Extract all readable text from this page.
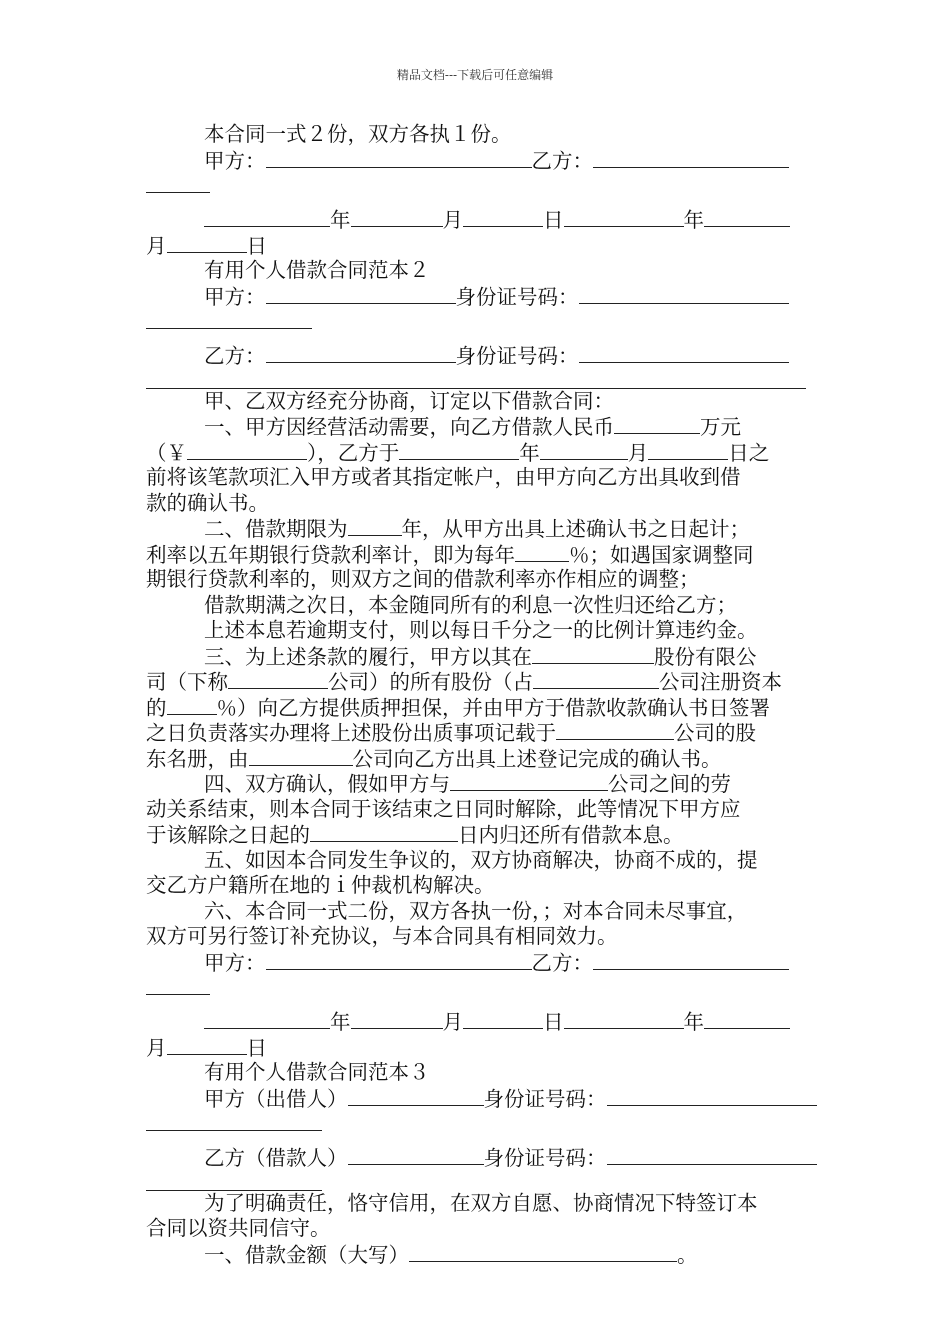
精品文档---下载后可任意编辑
本合同一式２份，双方各执１份。
甲方：	乙方：
年	月	日	年
月	日
有用个人借款合同范本２
甲方：	身份证号码：
乙方：	身份证号码：
甲、乙双方经充分协商，订定以下借款合同：
一、甲方因经营活动需要，向乙方借款人民币	万元
（￥	），乙方于	年	月	日之
前将该笔款项汇入甲方或者其指定帐户，由甲方向乙方出具收到借
款的确认书。
二、借款期限为	年，从甲方出具上述确认书之日起计；
利率以五年期银行贷款利率计，即为每年	％；如遇国家调整同
期银行贷款利率的，则双方之间的借款利率亦作相应的调整；
借款期满之次日，本金随同所有的利息一次性归还给乙方；
上述本息若逾期支付，则以每日千分之一的比例计算违约金。
三、为上述条款的履行，甲方以其在	股份有限公
司（下称	公司）的所有股份（占	公司注册资本
的 ％）向乙方提供质押担保，并由甲方于借款收款确认书日签署
之日负责落实办理将上述股份出质事项记载于	公司的股
东名册，由	公司向乙方出具上述登记完成的确认书。
四、双方确认，假如甲方与	公司之间的劳
动关系结束，则本合同于该结束之日同时解除，此等情况下甲方应
于该解除之日起的	日内归还所有借款本息。
五、如因本合同发生争议的，双方协商解决，协商不成的，提
交乙方户籍所在地的ｉ仲裁机构解决。
六、本合同一式二份，双方各执一份，；对本合同未尽事宜，
双方可另行签订补充协议，与本合同具有相同效力。
甲方：	乙方：
年	月	日	年
月	日
有用个人借款合同范本３
甲方（出借人）	身份证号码：
乙方（借款人）	身份证号码：
为了明确责任，恪守信用，在双方自愿、协商情况下特签订本
合同以资共同信守。
一、借款金额（大写）	。
